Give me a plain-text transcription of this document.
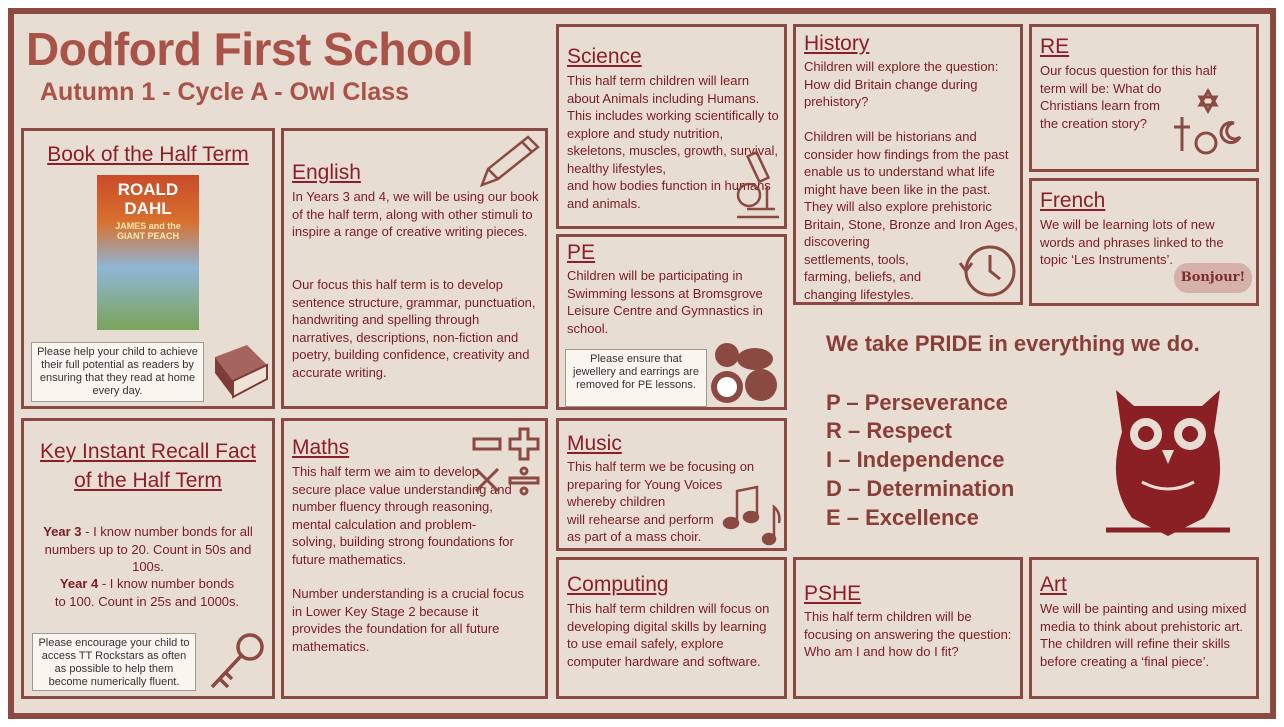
Dodford First School
Autumn 1 - Cycle A - Owl Class
Book of the Half Term
ROALD DAHL
JAMES and the GIANT PEACH
Please help your child to achieve their full potential as readers by ensuring that they read at home every day.
English
In Years 3 and 4, we will be using our book of the half term, along with other stimuli to inspire a range of creative writing pieces.
Our focus this half term is to develop sentence structure, grammar, punctuation, handwriting and spelling through narratives, descriptions, non-fiction and poetry, building confidence, creativity and accurate writing.
Science
This half term children will learn about Animals including Humans. This includes working scientifically to explore and study nutrition, skeletons, muscles, growth, survival, healthy lifestyles,
and how bodies function in humans and animals.
History
Children will explore the question: How did Britain change during prehistory?
Children will be historians and consider how findings from the past enable us to understand what life might have been like in the past. They will also explore prehistoric Britain, Stone, Bronze and Iron Ages, discovering
settlements, tools,
farming, beliefs, and
changing lifestyles.
RE
Our focus question for this half term will be: What do
Christians learn from
the creation story?
French
We will be learning lots of new words and phrases linked to the topic ‘Les Instruments’.
Bonjour!
PE
Children will be participating in Swimming lessons at Bromsgrove Leisure Centre and Gymnastics in school.
Please ensure that jewellery and earrings are removed for PE lessons.
We take PRIDE in everything we do.
P – Perseverance
R – Respect
I – Independence
D – Determination
E – Excellence
Key Instant Recall Fact
of the Half Term
Year 3 - I know number bonds for all numbers up to 20. Count in 50s and 100s.
Year 4 - I know number bonds to 100. Count in 25s and 1000s.
Please encourage your child to access TT Rockstars as often as possible to help them become numerically fluent.
Maths
This half term we aim to develop secure place value understanding and number fluency through reasoning, mental calculation and problem-solving, building strong foundations for future mathematics.
Number understanding is a crucial focus in Lower Key Stage 2 because it provides the foundation for all future mathematics.
Music
This half term we be focusing on preparing for Young Voices whereby children
will rehearse and perform
as part of a mass choir.
Computing
This half term children will focus on developing digital skills by learning to use email safely, explore computer hardware and software.
PSHE
This half term children will be focusing on answering the question: Who am I and how do I fit?
Art
We will be painting and using mixed media to think about prehistoric art. The children will refine their skills before creating a ‘final piece’.
